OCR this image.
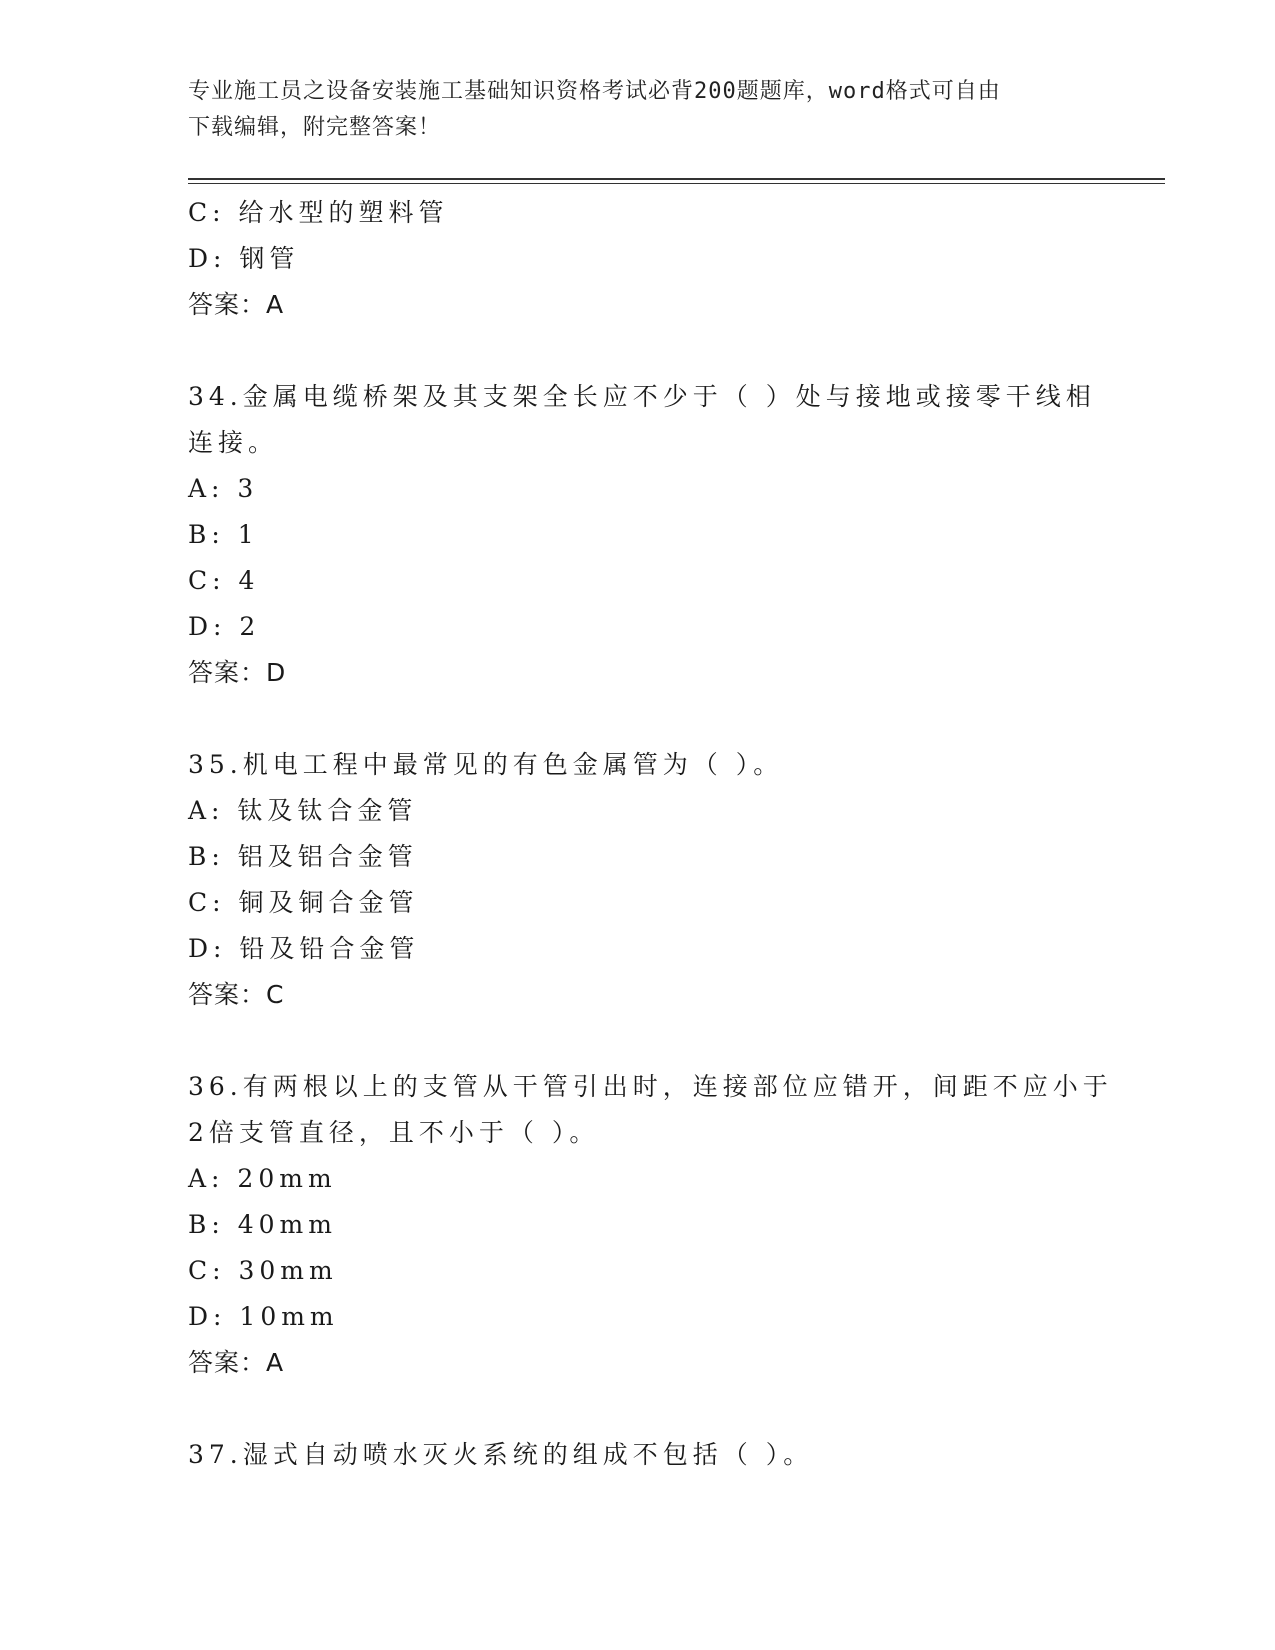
专业施工员之设备安装施工基础知识资格考试必背200题题库，word格式可自由
下载编辑，附完整答案！
C: 给水型的塑料管
D: 钢管
答案：A
34.金属电缆桥架及其支架全长应不少于（ ）处与接地或接零干线相
连接。
A: 3
B: 1
C: 4
D: 2
答案：D
35.机电工程中最常见的有色金属管为（ ）。
A: 钛及钛合金管
B: 铝及铝合金管
C: 铜及铜合金管
D: 铅及铅合金管
答案：C
36.有两根以上的支管从干管引出时，连接部位应错开，间距不应小于
2倍支管直径，且不小于（ ）。
A: 20mm
B: 40mm
C: 30mm
D: 10mm
答案：A
37.湿式自动喷水灭火系统的组成不包括（ ）。
